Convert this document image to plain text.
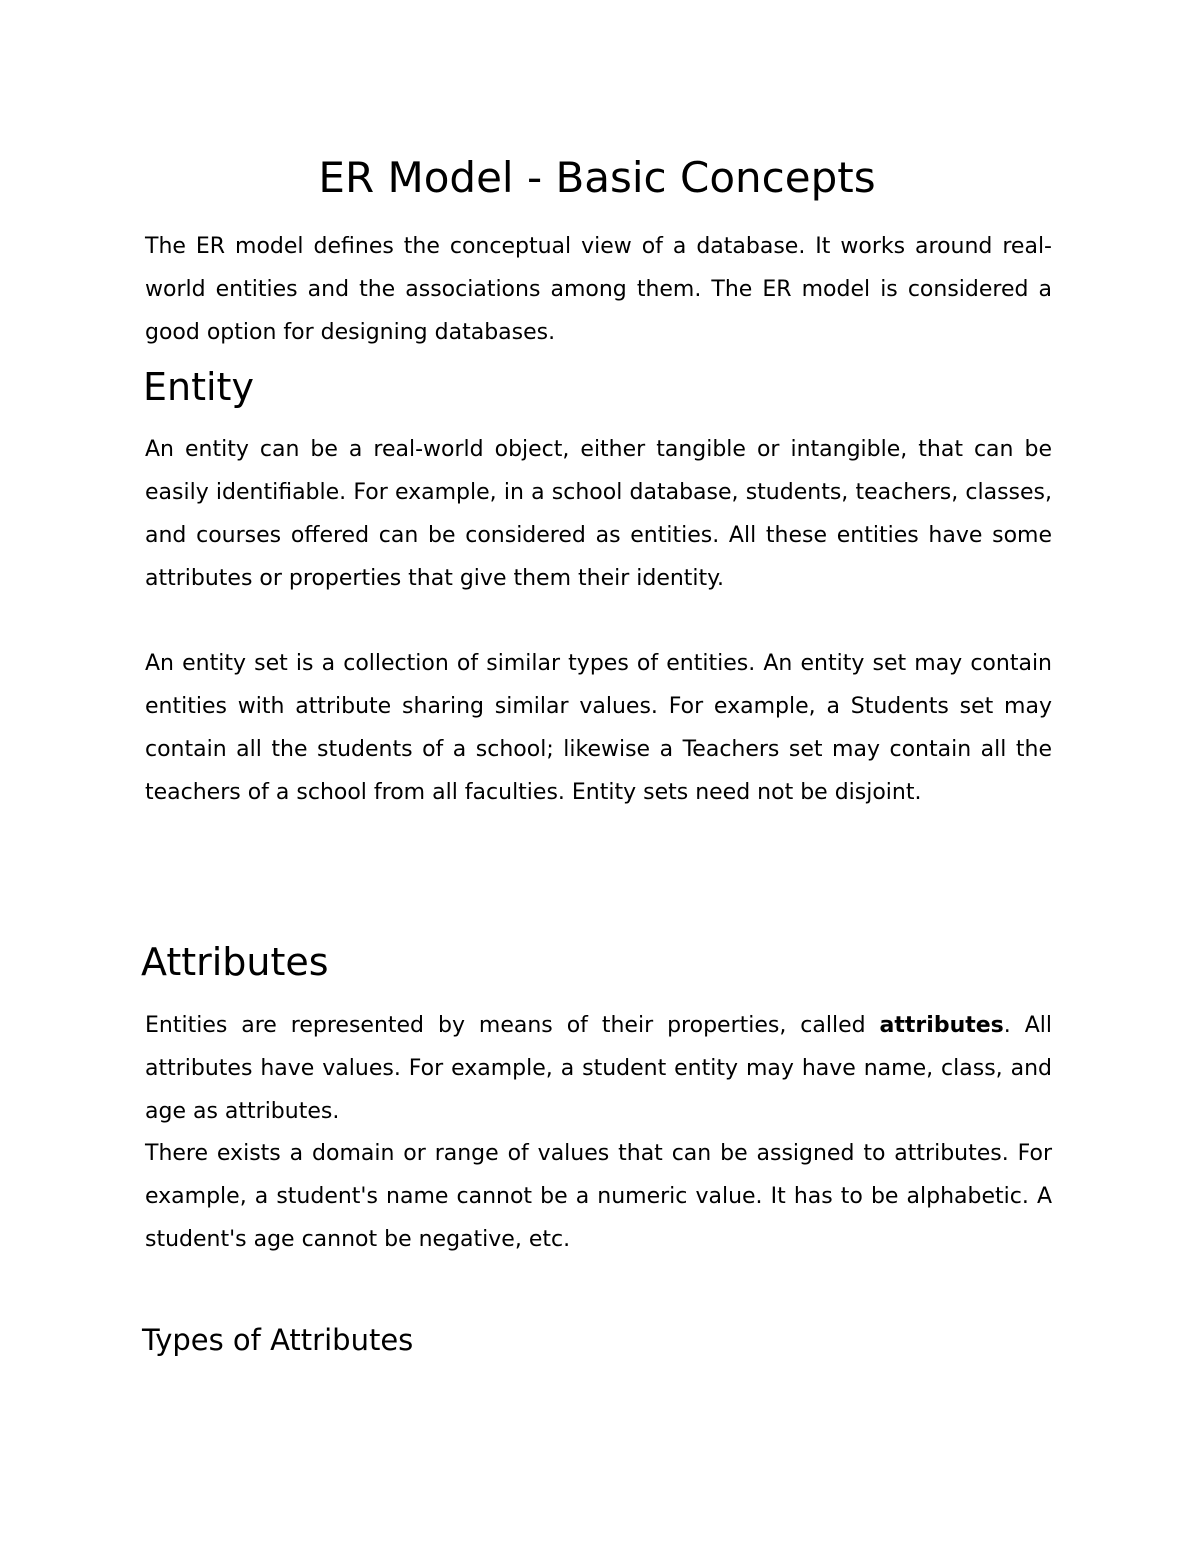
ER Model - Basic Concepts

The ER model defines the conceptual view of a database. It works around real-world entities and the associations among them. The ER model is considered a good option for designing databases.

Entity

An entity can be a real-world object, either tangible or intangible, that can be easily identifiable. For example, in a school database, students, teachers, classes, and courses offered can be considered as entities. All these entities have some attributes or properties that give them their identity.

An entity set is a collection of similar types of entities. An entity set may contain entities with attribute sharing similar values. For example, a Students set may contain all the students of a school; likewise a Teachers set may contain all the teachers of a school from all faculties. Entity sets need not be disjoint.

Attributes

Entities are represented by means of their properties, called attributes. All attributes have values. For example, a student entity may have name, class, and age as attributes.

There exists a domain or range of values that can be assigned to attributes. For example, a student's name cannot be a numeric value. It has to be alphabetic. A student's age cannot be negative, etc.

Types of Attributes
